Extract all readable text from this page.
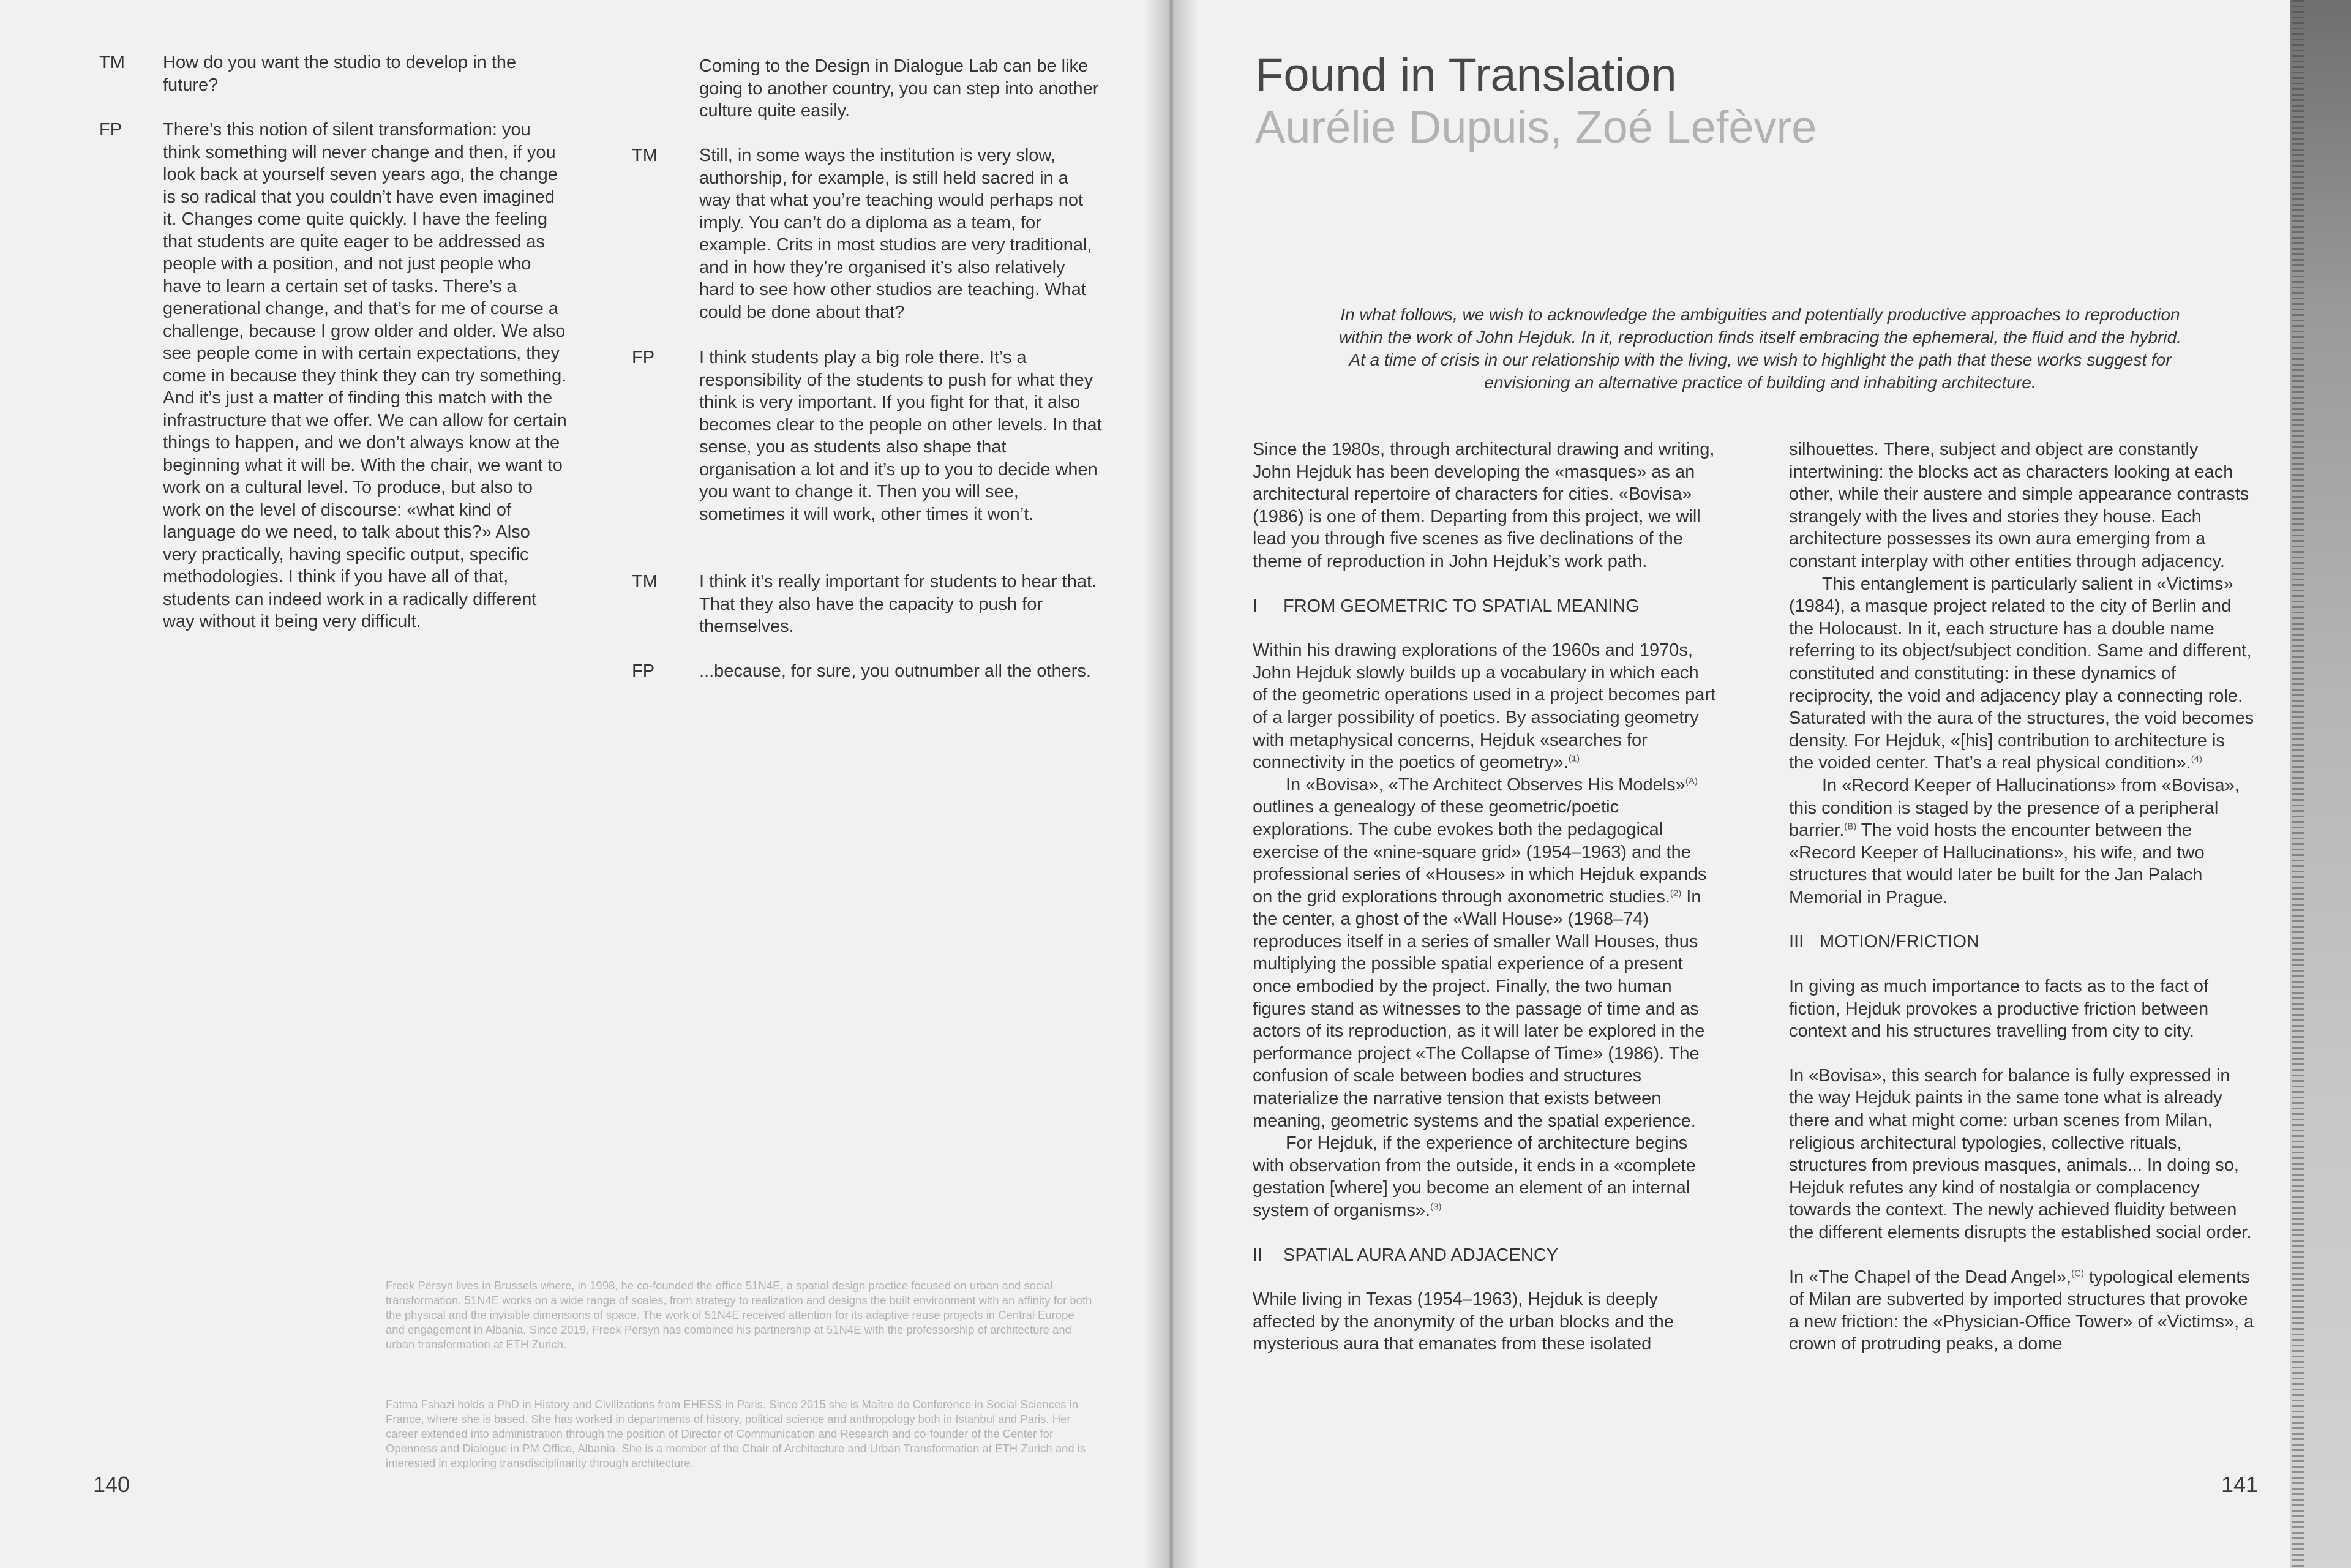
TM How do you want the studio to develop in the future?
FP There’s this notion of silent transformation: you think something will never change and then, if you look back at yourself seven years ago, the change is so radical that you couldn’t have even imagined it. Changes come quite quickly. I have the feeling that students are quite eager to be addressed as people with a position, and not just people who have to learn a certain set of tasks. There’s a generational change, and that’s for me of course a challenge, because I grow older and older. We also see people come in with certain expectations, they come in because they think they can try something. And it’s just a matter of finding this match with the infrastructure that we offer. We can allow for certain things to happen, and we don’t always know at the beginning what it will be. With the chair, we want to work on a cultural level. To produce, but also to work on the level of discourse: «what kind of language do we need, to talk about this?» Also very practically, having specific output, specific methodologies. I think if you have all of that, students can indeed work in a radically different way without it being very difficult.
Coming to the Design in Dialogue Lab can be like going to another country, you can step into another culture quite easily.
TM Still, in some ways the institution is very slow, authorship, for example, is still held sacred in a way that what you’re teaching would perhaps not imply. You can’t do a diploma as a team, for example. Crits in most studios are very traditional, and in how they’re organised it’s also relatively hard to see how other studios are teaching. What could be done about that?
FP	I think students play a big role there. It’s a responsibility of the students to push for what they think is very important. If you fight for that, it also becomes clear to the people on other levels. In that sense, you as students also shape that organisation a lot and it’s up to you to decide when you want to change it. Then you will see, sometimes it will work, other times it won’t.
TM I think it’s really important for students to hear that. That they also have the capacity to push for themselves.
FP	...because, for sure, you outnumber all the others.
Freek Persyn lives in Brussels where, in 1998, he co-founded the office 51N4E, a spatial design practice focused on urban and social transformation. 51N4E works on a wide range of scales, from strategy to realization and designs the built environment with an affinity for both the physical and the invisible dimensions of space. The work of 51N4E received attention for its adaptive reuse projects in Central Europe and engagement in Albania. Since 2019, Freek Persyn has combined his partnership at 51N4E with the professorship of architecture and urban transformation at ETH Zurich.
Fatma Fshazi holds a PhD in History and Civilizations from EHESS in Paris. Since 2015 she is Maître de Conference in Social Sciences in France, where she is based. She has worked in departments of history, political science and anthropology both in Istanbul and Paris. Her career extended into administration through the position of Director of Communication and Research and co-founder of the Center for Openness and Dialogue in PM Office, Albania. She is a member of the Chair of Architecture and Urban Transformation at ETH Zurich and is interested in exploring transdisciplinarity through architecture.
140
Found in Translation
Aurélie Dupuis, Zoé Lefèvre
In what follows, we wish to acknowledge the ambiguities and potentially productive approaches to reproduction within the work of John Hejduk. In it, reproduction finds itself embracing the ephemeral, the fluid and the hybrid. At a time of crisis in our relationship with the living, we wish to highlight the path that these works suggest for envisioning an alternative practice of building and inhabiting architecture.

Since the 1980s, through architectural drawing and writing, John Hejduk has been developing the «masques» as an architectural repertoire of characters for cities. «Bovisa» (1986) is one of them. Departing from this project, we will lead you through five scenes as five declinations of the theme of reproduction in John Hejduk’s work path.

I FROM GEOMETRIC TO SPATIAL MEANING

Within his drawing explorations of the 1960s and 1970s, John Hejduk slowly builds up a vocabulary in which each of the geometric operations used in a project becomes part of a larger possibility of poetics. By associating geometry with metaphysical concerns, Hejduk «searches for connectivity in the poetics of geometry».$^{(1)}$

In «Bovisa», «The Architect Observes His Models»$^{(A)}$ outlines a genealogy of these geometric/poetic explorations. The cube evokes both the pedagogical exercise of the «nine-square grid» (1954–1963) and the professional series of «Houses» in which Hejduk expands on the grid explorations through axonometric studies.$^{(2)}$ In the center, a ghost of the «Wall House» (1968–74) reproduces itself in a series of smaller Wall Houses, thus multiplying the possible spatial experience of a present once embodied by the project. Finally, the two human figures stand as witnesses to the passage of time and as actors of its reproduction, as it will later be explored in the performance project «The Collapse of Time» (1986). The confusion of scale between bodies and structures materialize the narrative tension that exists between meaning, geometric systems and the spatial experience.

For Hejduk, if the experience of architecture begins with observation from the outside, it ends in a «complete gestation [where] you become an element of an internal system of organisms».$^{(3)}$

II SPATIAL AURA AND ADJACENCY

While living in Texas (1954–1963), Hejduk is deeply affected by the anonymity of the urban blocks and the mysterious aura that emanates from these isolated

silhouettes. There, subject and object are constantly intertwining: the blocks act as characters looking at each other, while their austere and simple appearance contrasts strangely with the lives and stories they house. Each architecture possesses its own aura emerging from a constant interplay with other entities through adjacency.

This entanglement is particularly salient in «Victims» (1984), a masque project related to the city of Berlin and the Holocaust. In it, each structure has a double name referring to its object/subject condition. Same and different, constituted and constituting: in these dynamics of reciprocity, the void and adjacency play a connecting role. Saturated with the aura of the structures, the void becomes density. For Hejduk, «[his] contribution to architecture is the voided center. That’s a real physical condition».$^{(4)}$

In «Record Keeper of Hallucinations» from «Bovisa», this condition is staged by the presence of a peripheral barrier.$^{(B)}$ The void hosts the encounter between the «Record Keeper of Hallucinations», his wife, and two structures that would later be built for the Jan Palach Memorial in Prague.

III MOTION/FRICTION

In giving as much importance to facts as to the fact of fiction, Hejduk provokes a productive friction between context and his structures travelling from city to city.

In «Bovisa», this search for balance is fully expressed in the way Hejduk paints in the same tone what is already there and what might come: urban scenes from Milan, religious architectural typologies, collective rituals, structures from previous masques, animals... In doing so, Hejduk refutes any kind of nostalgia or complacency towards the context. The newly achieved fluidity between the different elements disrupts the established social order.

In «The Chapel of the Dead Angel»,$^{(C)}$ typological elements of Milan are subverted by imported structures that provoke a new friction: the «Physician-Office Tower» of «Victims», a crown of protruding peaks, a dome

141
